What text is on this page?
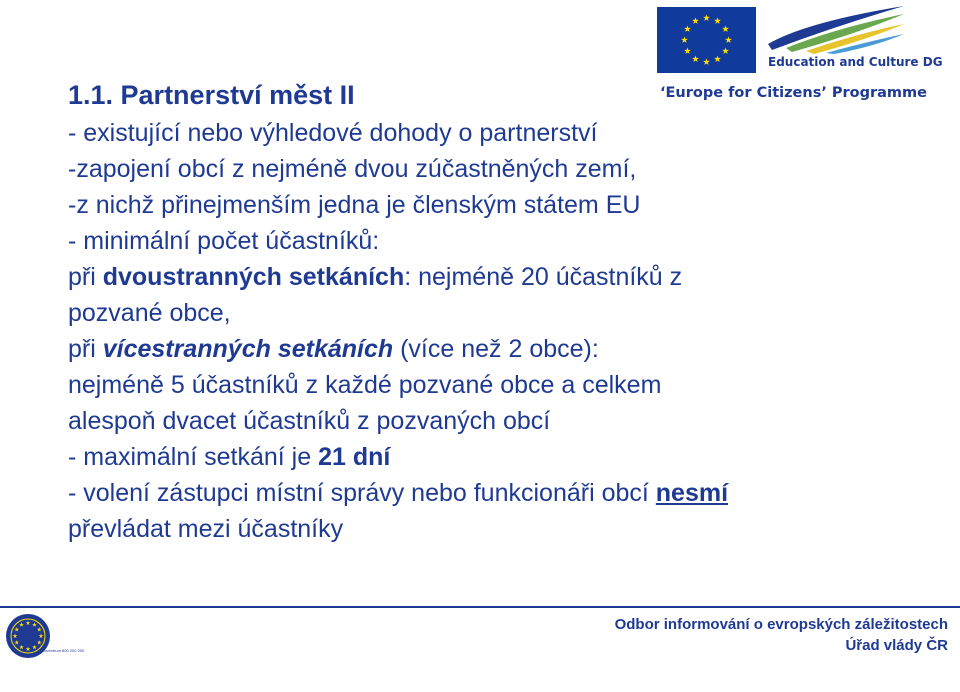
Education and Culture DG
‘Europe for Citizens’ Programme
1.1. Partnerství měst II
- existující nebo výhledové dohody o partnerství
-zapojení obcí z nejméně dvou zúčastněných zemí,
-z nichž přinejmenším jedna je členským státem EU
- minimální počet účastníků:
při dvoustranných setkáních: nejméně 20 účastníků z
pozvané obce,
při vícestranných setkáních (více než 2 obce):
nejméně 5 účastníků z každé pozvané obce a celkem
alespoň dvacet účastníků z pozvaných obcí
- maximální setkání je 21 dní
- volení zástupci místní správy nebo funkcionáři obcí nesmí
převládat mezi účastníky
Eurocentrum 800 200 200
Odbor informování o evropských záležitostech
Úřad vlády ČR
